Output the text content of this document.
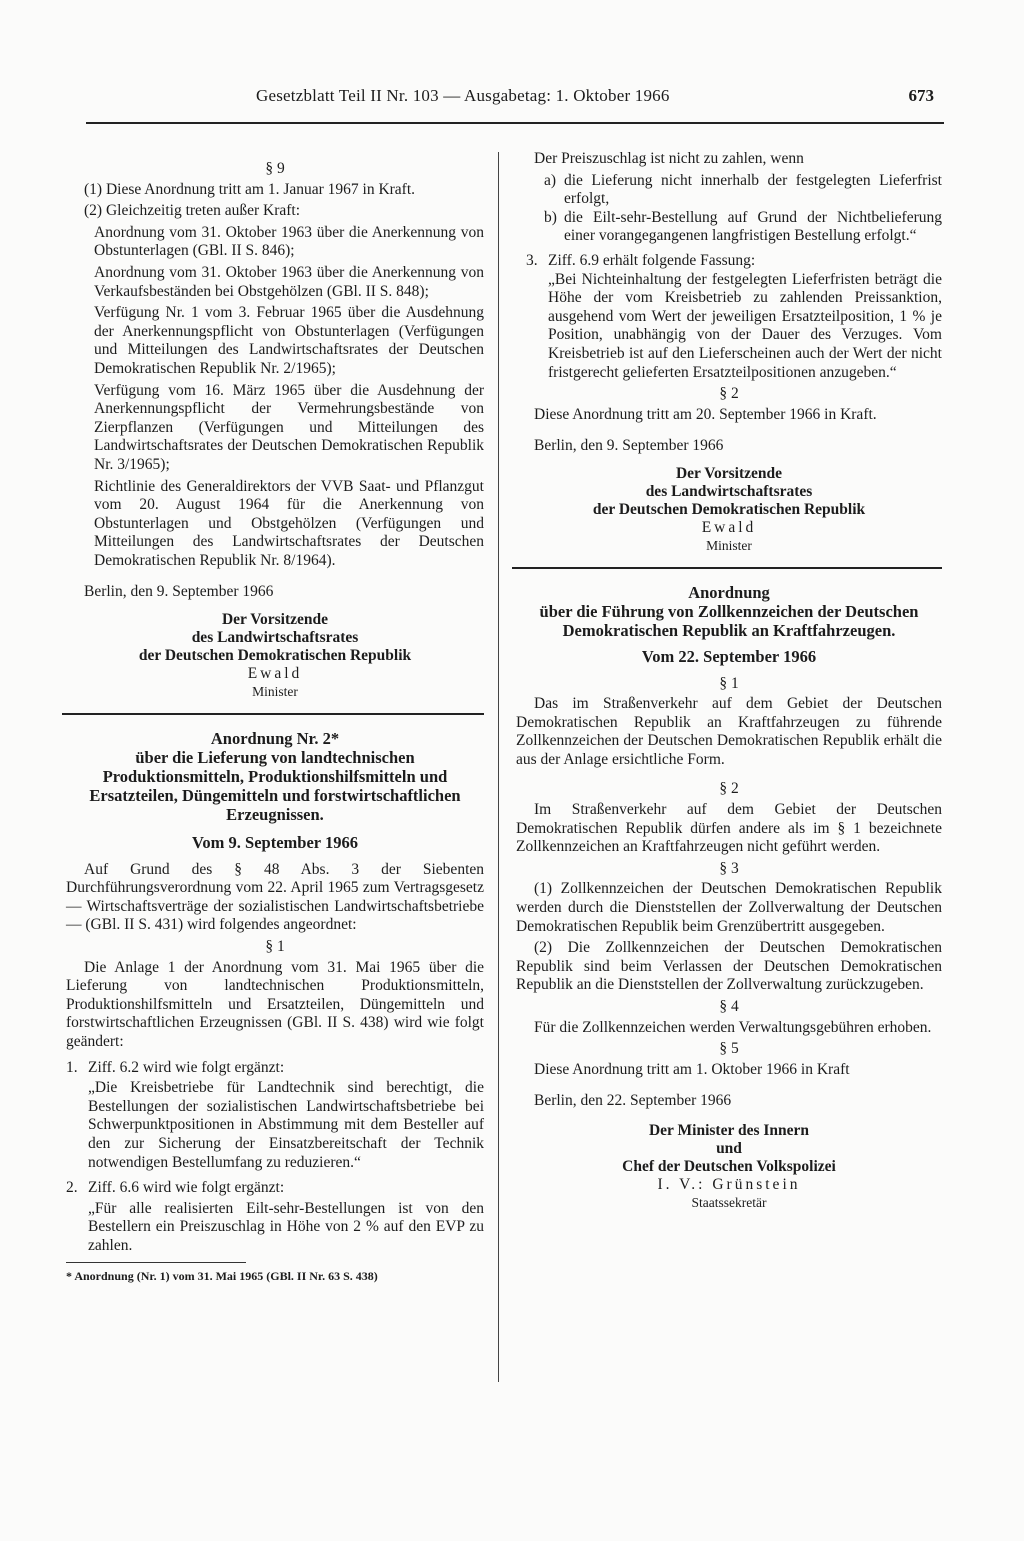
Gesetzblatt Teil II Nr. 103 — Ausgabetag: 1. Oktober 1966	673

§ 9

(1) Diese Anordnung tritt am 1. Januar 1967 in Kraft.

(2) Gleichzeitig treten außer Kraft:

Anordnung vom 31. Oktober 1963 über die Anerkennung von Obstunterlagen (GBl. II S. 846);

Anordnung vom 31. Oktober 1963 über die Anerkennung von Verkaufsbeständen bei Obstgehölzen (GBl. II S. 848);

Verfügung Nr. 1 vom 3. Februar 1965 über die Ausdehnung der Anerkennungspflicht von Obstunterlagen (Verfügungen und Mitteilungen des Landwirtschaftsrates der Deutschen Demokratischen Republik Nr. 2/1965);

Verfügung vom 16. März 1965 über die Ausdehnung der Anerkennungspflicht der Vermehrungsbestände von Zierpflanzen (Verfügungen und Mitteilungen des Landwirtschaftsrates der Deutschen Demokratischen Republik Nr. 3/1965);

Richtlinie des Generaldirektors der VVB Saat- und Pflanzgut vom 20. August 1964 für die Anerkennung von Obstunterlagen und Obstgehölzen (Verfügungen und Mitteilungen des Landwirtschaftsrates der Deutschen Demokratischen Republik Nr. 8/1964).

Berlin, den 9. September 1966

Der Vorsitzende
des Landwirtschaftsrates
der Deutschen Demokratischen Republik
Ewald
Minister
Anordnung Nr. 2*
über die Lieferung von landtechnischen Produktionsmitteln, Produktionshilfsmitteln und Ersatzteilen, Düngemitteln und forstwirtschaftlichen Erzeugnissen.

Vom 9. September 1966

Auf Grund des § 48 Abs. 3 der Siebenten Durchführungsverordnung vom 22. April 1965 zum Vertragsgesetz — Wirtschaftsverträge der sozialistischen Landwirtschaftsbetriebe — (GBl. II S. 431) wird folgendes angeordnet:

§ 1

Die Anlage 1 der Anordnung vom 31. Mai 1965 über die Lieferung von landtechnischen Produktionsmitteln, Produktionshilfsmitteln und Ersatzteilen, Düngemitteln und forstwirtschaftlichen Erzeugnissen (GBl. II S. 438) wird wie folgt geändert:

1. Ziff. 6.2 wird wie folgt ergänzt:
„Die Kreisbetriebe für Landtechnik sind berechtigt, die Bestellungen der sozialistischen Landwirtschaftsbetriebe bei Schwerpunktpositionen in Abstimmung mit dem Besteller auf den zur Sicherung der Einsatzbereitschaft der Technik notwendigen Bestellumfang zu reduzieren.“
2. Ziff. 6.6 wird wie folgt ergänzt:
„Für alle realisierten Eilt-sehr-Bestellungen ist von den Bestellern ein Preiszuschlag in Höhe von 2 % auf den EVP zu zahlen.

* Anordnung (Nr. 1) vom 31. Mai 1965 (GBl. II Nr. 63 S. 438)

Der Preiszuschlag ist nicht zu zahlen, wenn

a) die Lieferung nicht innerhalb der festgelegten Lieferfrist erfolgt,
b) die Eilt-sehr-Bestellung auf Grund der Nichtbelieferung einer vorangegangenen langfristigen Bestellung erfolgt.“
3. Ziff. 6.9 erhält folgende Fassung:
„Bei Nichteinhaltung der festgelegten Lieferfristen beträgt die Höhe der vom Kreisbetrieb zu zahlenden Preissanktion, ausgehend vom Wert der jeweiligen Ersatzteilposition, 1 % je Position, unabhängig von der Dauer des Verzuges. Vom Kreisbetrieb ist auf den Lieferscheinen auch der Wert der nicht fristgerecht gelieferten Ersatzteilpositionen anzugeben.“

§ 2

Diese Anordnung tritt am 20. September 1966 in Kraft.

Berlin, den 9. September 1966

Der Vorsitzende
des Landwirtschaftsrates
der Deutschen Demokratischen Republik
Ewald
Minister
Anordnung
über die Führung von Zollkennzeichen der Deutschen Demokratischen Republik an Kraftfahrzeugen.

Vom 22. September 1966

§ 1

Das im Straßenverkehr auf dem Gebiet der Deutschen Demokratischen Republik an Kraftfahrzeugen zu führende Zollkennzeichen der Deutschen Demokratischen Republik erhält die aus der Anlage ersichtliche Form.

§ 2

Im Straßenverkehr auf dem Gebiet der Deutschen Demokratischen Republik dürfen andere als im § 1 bezeichnete Zollkennzeichen an Kraftfahrzeugen nicht geführt werden.

§ 3

(1) Zollkennzeichen der Deutschen Demokratischen Republik werden durch die Dienststellen der Zollverwaltung der Deutschen Demokratischen Republik beim Grenzübertritt ausgegeben.

(2) Die Zollkennzeichen der Deutschen Demokratischen Republik sind beim Verlassen der Deutschen Demokratischen Republik an die Dienststellen der Zollverwaltung zurückzugeben.

§ 4

Für die Zollkennzeichen werden Verwaltungsgebühren erhoben.

§ 5

Diese Anordnung tritt am 1. Oktober 1966 in Kraft

Berlin, den 22. September 1966

Der Minister des Innern
und
Chef der Deutschen Volkspolizei
I. V.: Grünstein
Staatssekretär
